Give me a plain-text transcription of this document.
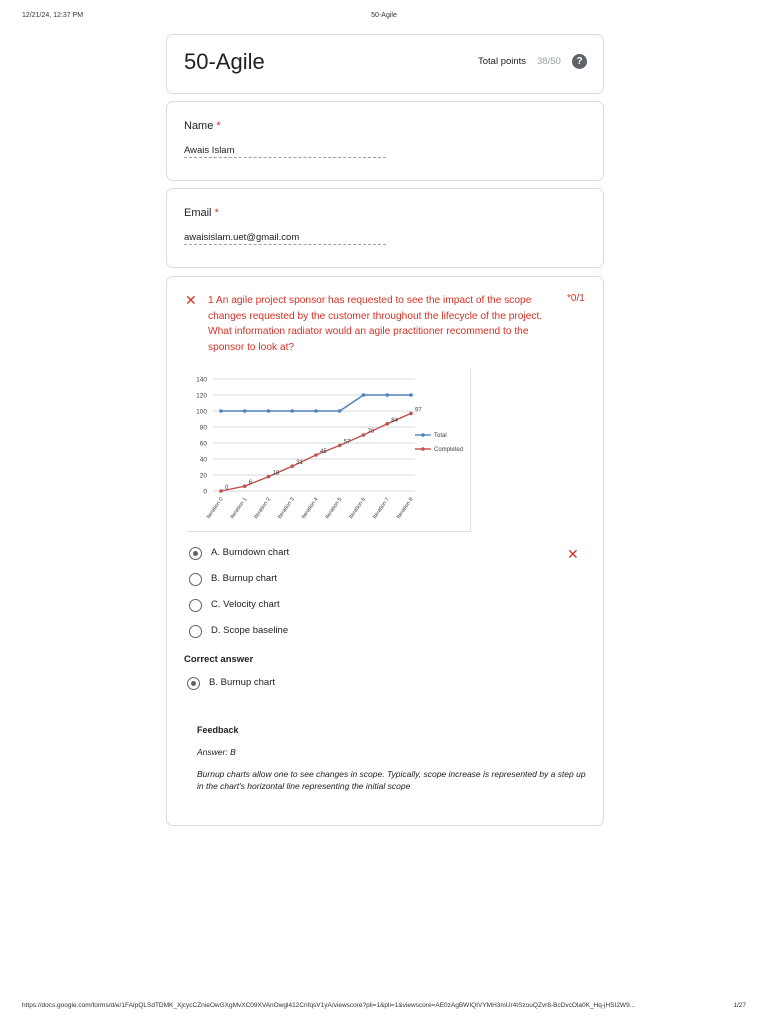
12/21/24, 12:37 PM	50-Agile
50-Agile	Total points 38/50	?
Name *
Awais Islam
Email *
awaisislam.uet@gmail.com
✕ 1 An agile project sponsor has requested to see the impact of the scope changes requested by the customer throughout the lifecycle of the project. What information radiator would an agile practitioner recommend to the sponsor to look at?
*0/1
0
20
40
60
80
100
120
140
Iteration 0 Iteration 1 Iteration 2 Iteration 3 Iteration 4 Iteration 5 Iteration 6 Iteration 7 Iteration 8
Total
0
6
18
31
45
57
70
84
97
Completed
A. Burndown chart	✕
B. Burnup chart
C. Velocity chart
D. Scope baseline
Correct answer
B. Burnup chart
Feedback
Answer: B
Burnup charts allow one to see changes in scope. Typically, scope increase is represented by a step up in the chart's horizontal line representing the initial scope
https://docs.google.com/forms/d/e/1FAIpQLSdTDMK_XjcycCZnieOwGXgMvXC09XVAnOwgl412CnfqsV1yA/viewscore?pli=1&pli=1&viewscore=AE0zAgBWIQIVYMH3mUr4tSzouQZvr8-BcDvcOla0K_Hq-jHSI2W9...	1/27
